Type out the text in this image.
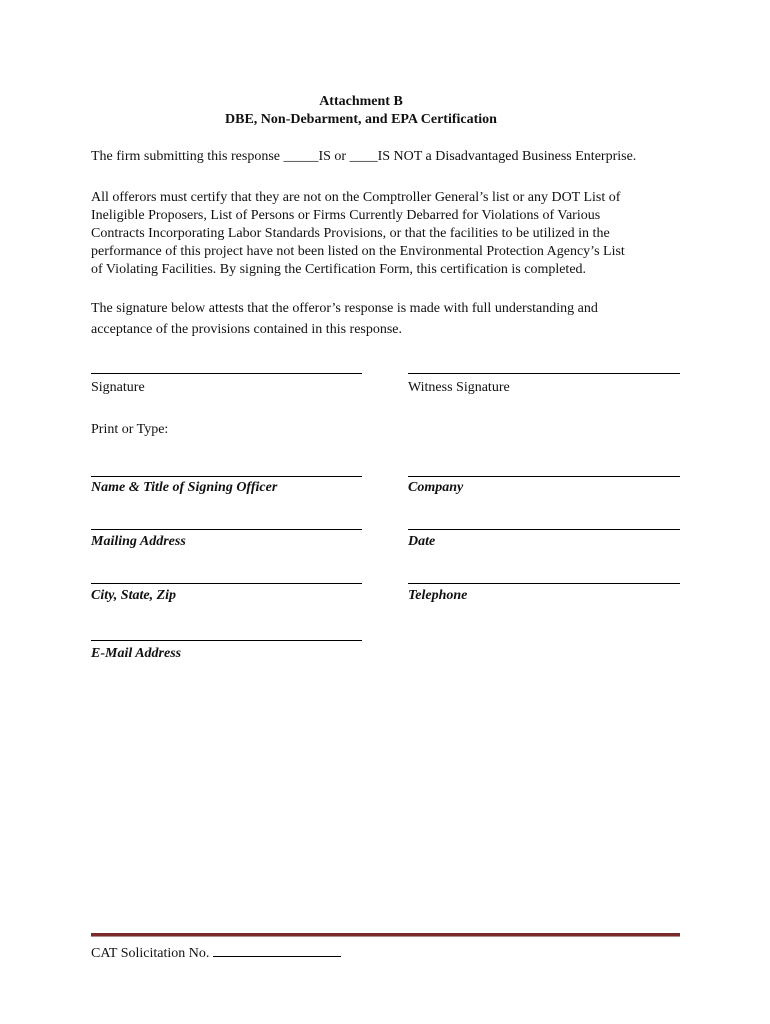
Attachment B
DBE, Non-Debarment, and EPA Certification
The firm submitting this response _____IS or ____IS NOT a Disadvantaged Business Enterprise.
All offerors must certify that they are not on the Comptroller General’s list or any DOT List of
Ineligible Proposers, List of Persons or Firms Currently Debarred for Violations of Various
Contracts Incorporating Labor Standards Provisions, or that the facilities to be utilized in the
performance of this project have not been listed on the Environmental Protection Agency’s List
of Violating Facilities. By signing the Certification Form, this certification is completed.
The signature below attests that the offeror’s response is made with full understanding and
acceptance of the provisions contained in this response.
Signature	Witness Signature
Print or Type:
Name & Title of Signing Officer	Company
Mailing Address	Date
City, State, Zip	Telephone
E-Mail Address
CAT Solicitation No.
